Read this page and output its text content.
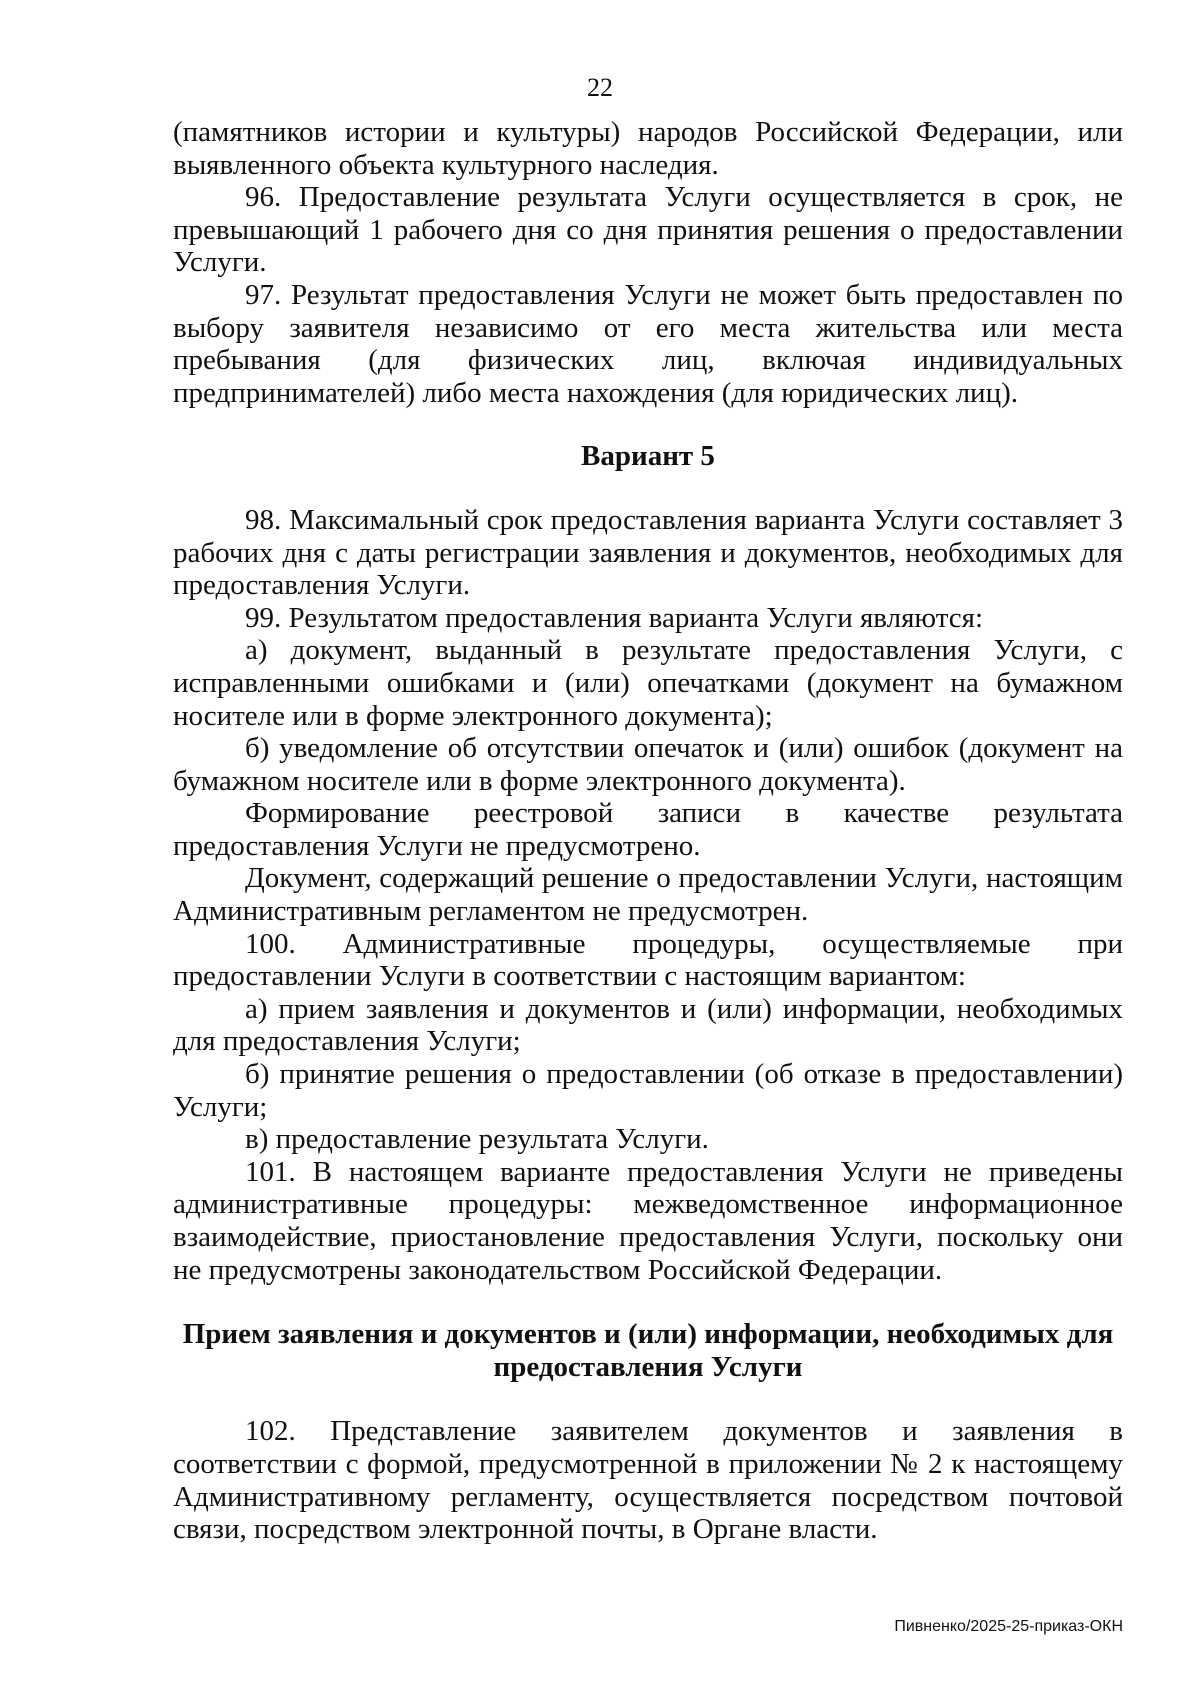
22

(памятников истории и культуры) народов Российской Федерации, или выявленного объекта культурного наследия.

96. Предоставление результата Услуги осуществляется в срок, не превышающий 1 рабочего дня со дня принятия решения о предоставлении Услуги.

97. Результат предоставления Услуги не может быть предоставлен по выбору заявителя независимо от его места жительства или места пребывания (для физических лиц, включая индивидуальных предпринимателей) либо места нахождения (для юридических лиц).

Вариант 5

98. Максимальный срок предоставления варианта Услуги составляет 3 рабочих дня с даты регистрации заявления и документов, необходимых для предоставления Услуги.

99. Результатом предоставления варианта Услуги являются:

а) документ, выданный в результате предоставления Услуги, с исправленными ошибками и (или) опечатками (документ на бумажном носителе или в форме электронного документа);

б) уведомление об отсутствии опечаток и (или) ошибок (документ на бумажном носителе или в форме электронного документа).

Формирование реестровой записи в качестве результата предоставления Услуги не предусмотрено.

Документ, содержащий решение о предоставлении Услуги, настоящим Административным регламентом не предусмотрен.

100. Административные процедуры, осуществляемые при предоставлении Услуги в соответствии с настоящим вариантом:

а) прием заявления и документов и (или) информации, необходимых для предоставления Услуги;

б) принятие решения о предоставлении (об отказе в предоставлении) Услуги;

в) предоставление результата Услуги.

101. В настоящем варианте предоставления Услуги не приведены административные процедуры: межведомственное информационное взаимодействие, приостановление предоставления Услуги, поскольку они не предусмотрены законодательством Российской Федерации.

Прием заявления и документов и (или) информации, необходимых для предоставления Услуги

102. Представление заявителем документов и заявления в соответствии с формой, предусмотренной в приложении № 2 к настоящему Административному регламенту, осуществляется посредством почтовой связи, посредством электронной почты, в Органе власти.

Пивненко/2025-25-приказ-ОКН
